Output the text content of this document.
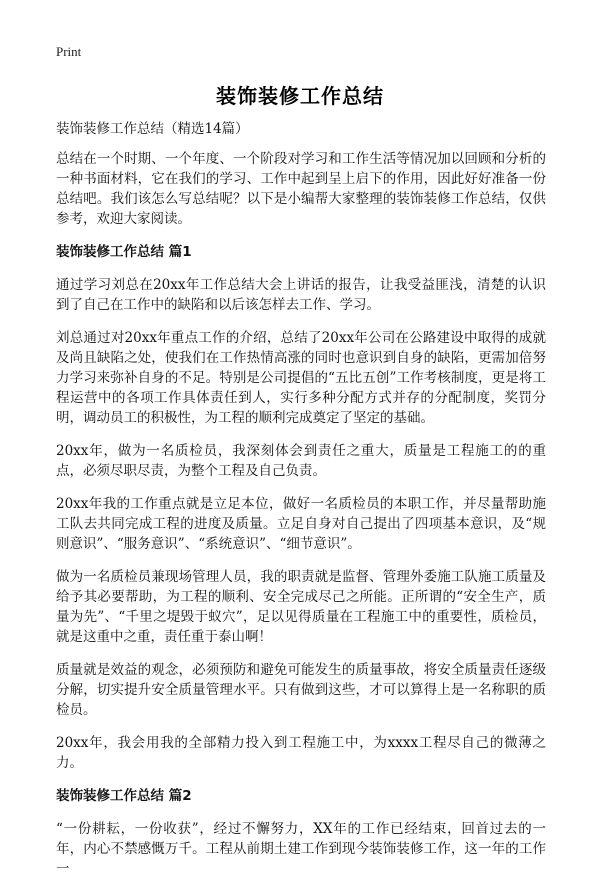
Print
装饰装修工作总结
装饰装修工作总结（精选14篇）

总结在一个时期、一个年度、一个阶段对学习和工作生活等情况加以回顾和分析的一种书面材料，它在我们的学习、工作中起到呈上启下的作用，因此好好准备一份总结吧。我们该怎么写总结呢？以下是小编帮大家整理的装饰装修工作总结，仅供参考，欢迎大家阅读。

装饰装修工作总结 篇1

通过学习刘总在20xx年工作总结大会上讲话的报告，让我受益匪浅，清楚的认识到了自己在工作中的缺陷和以后该怎样去工作、学习。

刘总通过对20xx年重点工作的介绍，总结了20xx年公司在公路建设中取得的成就及尚且缺陷之处，使我们在工作热情高涨的同时也意识到自身的缺陷，更需加倍努力学习来弥补自身的不足。特别是公司提倡的“五比五创”工作考核制度，更是将工程运营中的各项工作具体责任到人，实行多种分配方式并存的分配制度，奖罚分明，调动员工的积极性，为工程的顺利完成奠定了坚定的基础。

20xx年，做为一名质检员，我深刻体会到责任之重大，质量是工程施工的的重点，必须尽职尽责，为整个工程及自己负责。

20xx年我的工作重点就是立足本位，做好一名质检员的本职工作，并尽量帮助施工队去共同完成工程的进度及质量。立足自身对自己提出了四项基本意识，及“规则意识”、“服务意识”、“系统意识”、“细节意识”。

做为一名质检员兼现场管理人员，我的职责就是监督、管理外委施工队施工质量及给予其必要帮助，为工程的顺利、安全完成尽己之所能。正所谓的“安全生产，质量为先”、“千里之堤毁于蚁穴”，足以见得质量在工程施工中的重要性，质检员，就是这重中之重，责任重于泰山啊！

质量就是效益的观念，必须预防和避免可能发生的质量事故，将安全质量责任逐级分解，切实提升安全质量管理水平。只有做到这些，才可以算得上是一名称职的质检员。

20xx年，我会用我的全部精力投入到工程施工中，为xxxx工程尽自己的微薄之力。

装饰装修工作总结 篇2

“一份耕耘，一份收获”，经过不懈努力，XX年的工作已经结束，回首过去的一年，内心不禁感慨万千。工程从前期土建工作到现今装饰装修工作，这一年的工作一
